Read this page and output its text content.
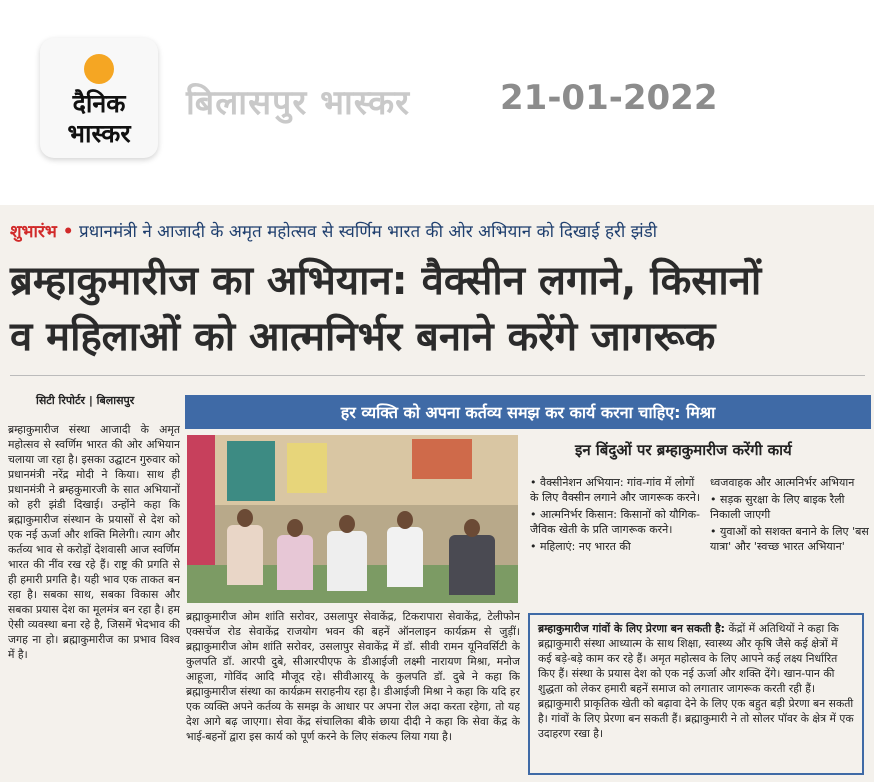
दैनिक
भास्कर
बिलासपुर भास्कर	21-01-2022
शुभारंभ • प्रधानमंत्री ने आजादी के अमृत महोत्सव से स्वर्णिम भारत की ओर अभियान को दिखाई हरी झंडी
ब्रम्हाकुमारीज का अभियान: वैक्सीन लगाने, किसानों
व महिलाओं को आत्मनिर्भर बनाने करेंगे जागरूक
सिटी रिपोर्टर | बिलासपुर

ब्रम्हाकुमारीज संस्था आजादी के अमृत महोत्सव से स्वर्णिम भारत की ओर अभियान चलाया जा रहा है। इसका उद्घाटन गुरुवार को प्रधानमंत्री नरेंद्र मोदी ने किया। साथ ही प्रधानमंत्री ने ब्रम्हकुमारजी के सात अभियानों को हरी झंडी दिखाई। उन्होंने कहा कि ब्रह्माकुमारीज संस्थान के प्रयासों से देश को एक नई ऊर्जा और शक्ति मिलेगी। त्याग और कर्तव्य भाव से करोड़ों देशवासी आज स्वर्णिम भारत की नींव रख रहे हैं। राष्ट्र की प्रगति से ही हमारी प्रगति है। यही भाव एक ताकत बन रहा है। सबका साथ, सबका विकास और सबका प्रयास देश का मूलमंत्र बन रहा है। हम ऐसी व्यवस्था बना रहे है, जिसमें भेदभाव की जगह ना हो। ब्रह्माकुमारीज का प्रभाव विश्व में है।

हर व्यक्ति को अपना कर्तव्य समझ कर कार्य करना चाहिए: मिश्रा
इन बिंदुओं पर ब्रम्हाकुमारीज करेंगी कार्य
• वैक्सीनेशन अभियान: गांव-गांव में लोगों के लिए वैक्सीन लगाने और जागरूक करने।
• आत्मनिर्भर किसान: किसानों को यौगिक-जैविक खेती के प्रति जागरूक करने।
• महिलाएं: नए भारत की
ध्वजवाहक और आत्मनिर्भर अभियान
• सड़क सुरक्षा के लिए बाइक रैली निकाली जाएगी
• युवाओं को सशक्त बनाने के लिए 'बस यात्रा' और 'स्वच्छ भारत अभियान'

ब्रह्माकुमारीज ओम शांति सरोवर, उसलापुर सेवाकेंद्र, टिकरापारा सेवाकेंद्र, टेलीफोन एक्सचेंज रोड सेवाकेंद्र राजयोग भवन की बहनें ऑनलाइन कार्यक्रम से जुड़ीं। ब्रह्माकुमारीज ओम शांति सरोवर, उसलापुर सेवाकेंद्र में डॉ. सीवी रामन यूनिवर्सिटी के कुलपति डॉ. आरपी दुबे, सीआरपीएफ के डीआईजी लक्ष्मी नारायण मिश्रा, मनोज आहूजा, गोविंद आदि मौजूद रहे। सीवीआरयू के कुलपति डॉ. दुबे ने कहा कि ब्रह्माकुमारीज संस्था का कार्यक्रम सराहनीय रहा है। डीआईजी मिश्रा ने कहा कि यदि हर एक व्यक्ति अपने कर्तव्य के समझ के आधार पर अपना रोल अदा करता रहेगा, तो यह देश आगे बढ़ जाएगा। सेवा केंद्र संचालिका बीके छाया दीदी ने कहा कि सेवा केंद्र के भाई-बहनों द्वारा इस कार्य को पूर्ण करने के लिए संकल्प लिया गया है।

ब्रम्हाकुमारीज गांवों के लिए प्रेरणा बन सकती है: केंद्रों में अतिथियों ने कहा कि ब्रह्माकुमारी संस्था आध्यात्म के साथ शिक्षा, स्वास्थ्य और कृषि जैसे कई क्षेत्रों में कई बड़े-बड़े काम कर रहे हैं। अमृत महोत्सव के लिए आपने कई लक्ष्य निर्धारित किए हैं। संस्था के प्रयास देश को एक नई ऊर्जा और शक्ति देंगे। खान-पान की शुद्धता को लेकर हमारी बहनें समाज को लगातार जागरूक करती रही हैं। ब्रह्माकुमारी प्राकृतिक खेती को बढ़ावा देने के लिए एक बहुत बड़ी प्रेरणा बन सकती है। गांवों के लिए प्रेरणा बन सकती हैं। ब्रह्माकुमारी ने तो सोलर पॉवर के क्षेत्र में एक उदाहरण रखा है।
